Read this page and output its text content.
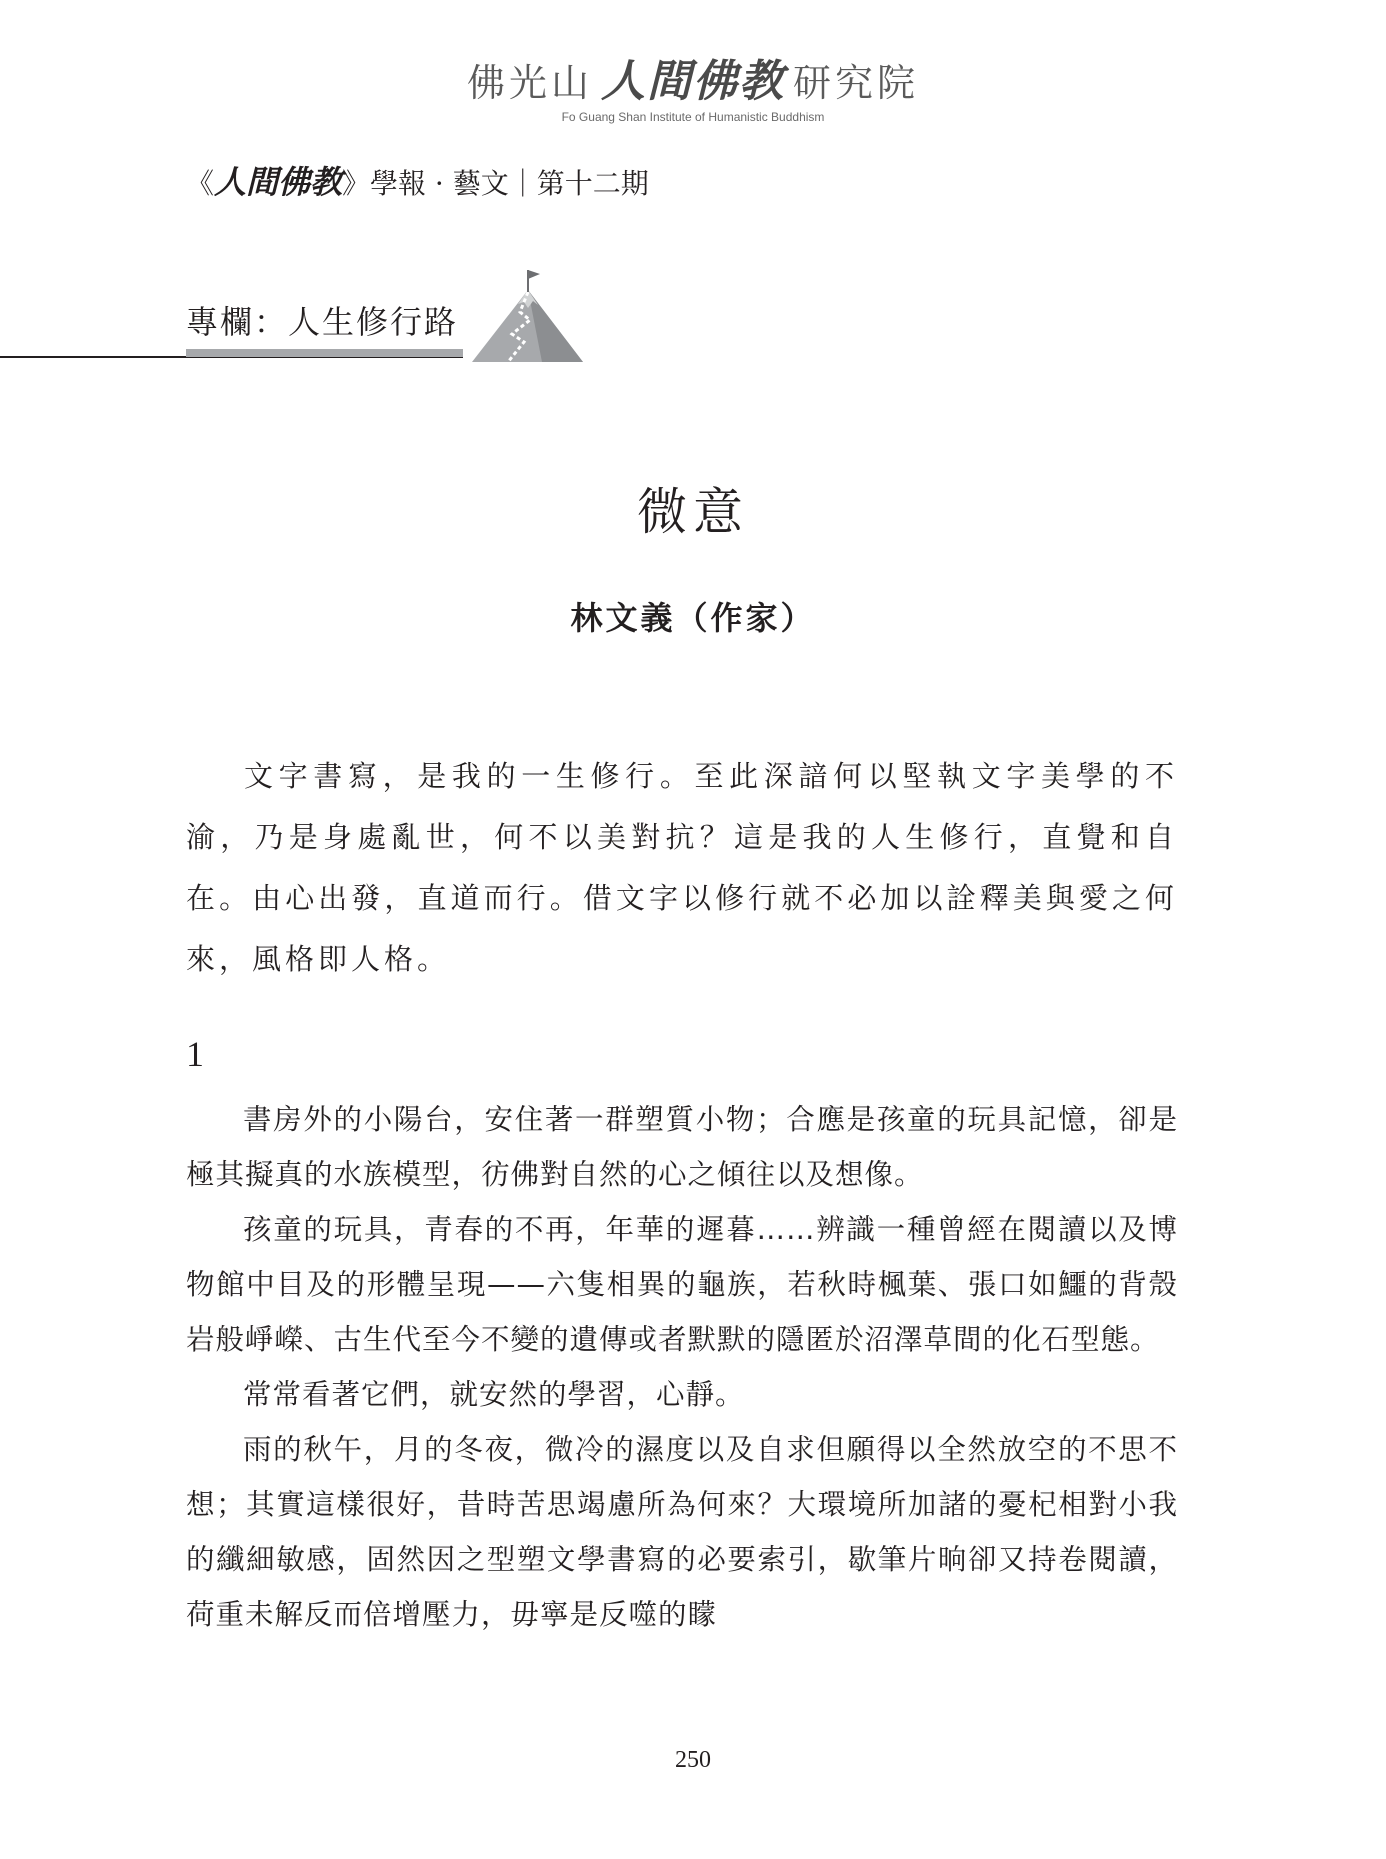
佛光山 人間佛教 研究院
Fo Guang Shan Institute of Humanistic Buddhism
《人間佛教》學報 · 藝文｜第十二期
專欄：人生修行路
微意
林文義（作家）

文字書寫，是我的一生修行。至此深諳何以堅執文字美學的不渝，乃是身處亂世，何不以美對抗？這是我的人生修行，直覺和自在。由心出發，直道而行。借文字以修行就不必加以詮釋美與愛之何來，風格即人格。

1

書房外的小陽台，安住著一群塑質小物；合應是孩童的玩具記憶，卻是極其擬真的水族模型，彷佛對自然的心之傾往以及想像。

孩童的玩具，青春的不再，年華的遲暮……辨識一種曾經在閱讀以及博物館中目及的形體呈現——六隻相異的龜族，若秋時楓葉、張口如鱷的背殼岩般崢嶸、古生代至今不變的遺傳或者默默的隱匿於沼澤草間的化石型態。

常常看著它們，就安然的學習，心靜。

雨的秋午，月的冬夜，微冷的濕度以及自求但願得以全然放空的不思不想；其實這樣很好，昔時苦思竭慮所為何來？大環境所加諸的憂杞相對小我的纖細敏感，固然因之型塑文學書寫的必要索引，歇筆片晌卻又持卷閱讀，荷重未解反而倍增壓力，毋寧是反噬的矇

250
